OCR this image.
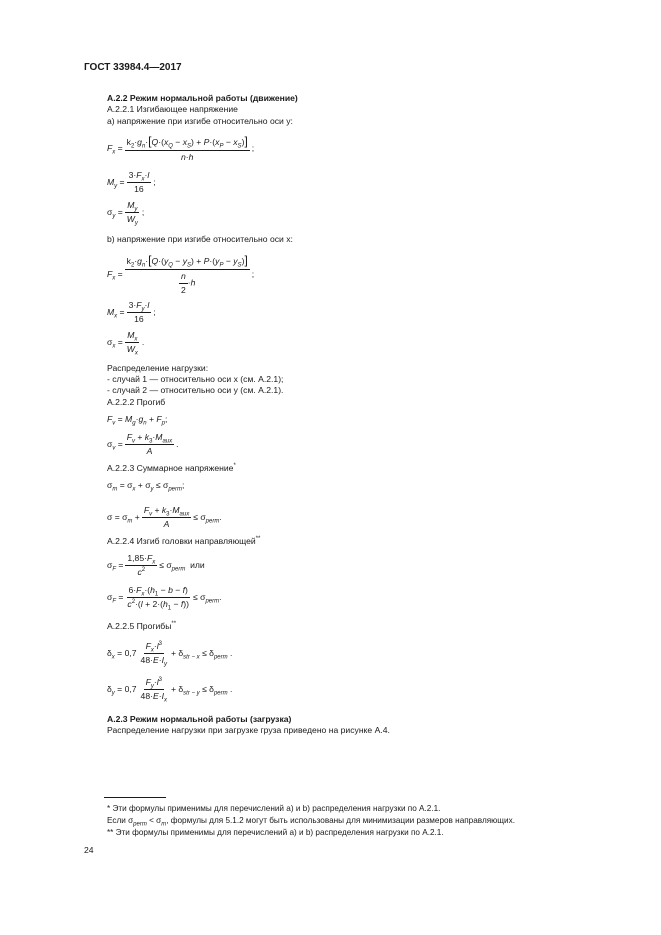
ГОСТ 33984.4—2017
А.2.2 Режим нормальной работы (движение)
А.2.2.1 Изгибающее напряжение
a) напряжение при изгибе относительно оси y:
$F_x = \frac{k_2\cdot g_n\cdot[Q\cdot(x_Q - x_S) + P\cdot(x_P - x_S)]}{n\cdot h}$ ;
$M_y = \frac{3\cdot F_x\cdot l}{16}$ ;
$\sigma_y = \frac{M_y}{W_y}$ ;
b) напряжение при изгибе относительно оси x:
$F_x = \frac{k_2\cdot g_n\cdot[Q\cdot(y_Q - y_S) + P\cdot(y_P - y_S)]}{\frac{n}{2} \cdot h}$ ;
$M_x = \frac{3\cdot F_y\cdot l}{16}$ ;
$\sigma_x = \frac{M_x}{W_x}$ .
Распределение нагрузки:
- случай 1 — относительно оси x (см. А.2.1);
- случай 2 — относительно оси y (см. А.2.1).
А.2.2.2 Прогиб
$F_v = M_g\cdot g_n + F_p$;
$\sigma_v = \frac{F_v + k_3\cdot M_{aux}}{A}$ .
А.2.2.3 Суммарное напряжение*
$\sigma_m = \sigma_x + \sigma_y \le \sigma_{perm}$;
$\sigma = \sigma_m + \frac{F_v + k_3\cdot M_{aux}}{A} \le \sigma_{perm}$.
А.2.2.4 Изгиб головки направляющей**
$\sigma_F = \frac{1,85\cdot F_x}{c^2} \le \sigma_{perm}$ или
$\sigma_F = \frac{6\cdot F_x\cdot(h_1 - b - f)}{c^2\cdot(l + 2\cdot(h_1 - f))} \le \sigma_{perm}$.
А.2.2.5 Прогибы**
$\delta_x = 0,7 \frac{F_x\cdot l^3}{48\cdot E\cdot I_y} + \delta_{str - x} \le \delta_{perm}$ .
$\delta_y = 0,7 \frac{F_y\cdot l^3}{48\cdot E\cdot I_x} + \delta_{str - y} \le \delta_{perm}$ .
А.2.3 Режим нормальной работы (загрузка)
Распределение нагрузки при загрузке груза приведено на рисунке А.4.
* Эти формулы применимы для перечислений a) и b) распределения нагрузки по А.2.1.
Если $\sigma_{perm} < \sigma_m$, формулы для 5.1.2 могут быть использованы для минимизации размеров направляющих.
** Эти формулы применимы для перечислений a) и b) распределения нагрузки по А.2.1.
24
